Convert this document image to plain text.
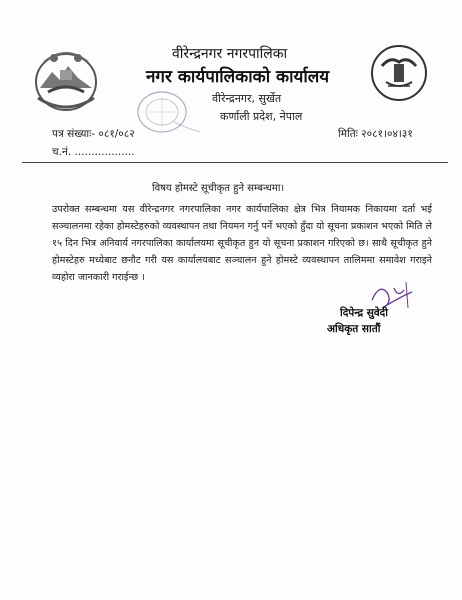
वीरेन्द्रनगर नगरपालिका
नगर कार्यपालिकाको कार्यालय
वीरेन्द्रनगर, सुर्खेत
कर्णाली प्रदेश, नेपाल
पत्र संख्याः- ०८१/०८२
च.नं. ..................
मितिः २०८१।०४।३१
विषय होमस्टे सूचीकृत हुने सम्बन्धमा।
उपरोक्त सम्बन्धमा यस वीरेन्द्रनगर नगरपालिका नगर कार्यपालिका क्षेत्र भित्र नियामक निकायमा दर्ता भई सञ्चालनमा रहेका होमस्टेहरुको व्यवस्थापन तथा नियमन गर्नु पर्ने भएको हुँदा यो सूचना प्रकाशन भएको मिति ले १५ दिन भित्र अनिवार्य नगरपालिका कार्यालयमा सूचीकृत हुन यो सूचना प्रकाशन गरिएको छ। साथै सूचीकृत हुने होमस्टेहरु मध्येबाट छनौट गरी यस कार्यालयबाट सञ्चालन हुने होमस्टे व्यवस्थापन तालिममा समावेश गराइने व्यहोरा जानकारी गराईन्छ ।
दिपेन्द्र सुवेदी
अधिकृत सातौं
